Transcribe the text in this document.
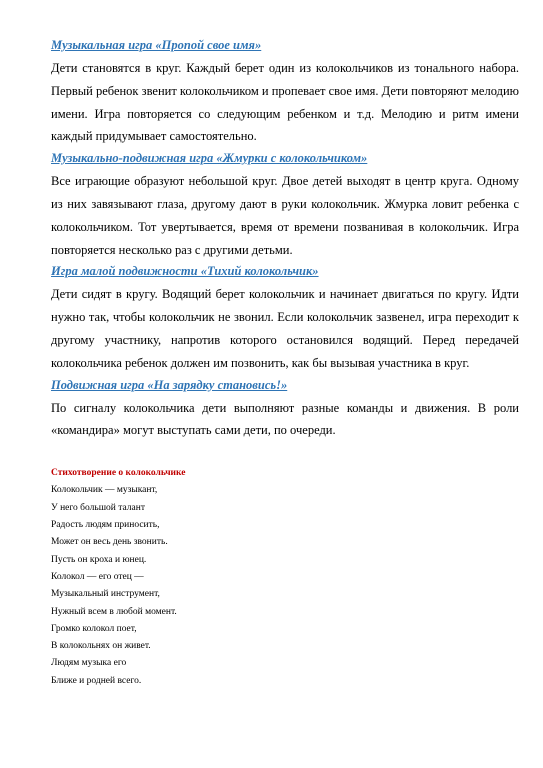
Музыкальная игра «Пропой свое имя»

Дети становятся в круг. Каждый берет один из колокольчиков из тонального набора. Первый ребенок звенит колокольчиком и пропевает свое имя. Дети повторяют мелодию имени. Игра повторяется со следующим ребенком и т.д. Мелодию и ритм имени каждый придумывает самостоятельно.

Музыкально-подвижная игра «Жмурки с колокольчиком»

Все играющие образуют небольшой круг. Двое детей выходят в центр круга. Одному из них завязывают глаза, другому дают в руки колокольчик. Жмурка ловит ребенка с колокольчиком. Тот увертывается, время от времени позванивая в колокольчик. Игра повторяется несколько раз с другими детьми.

Игра малой подвижности «Тихий колокольчик»

Дети сидят в кругу. Водящий берет колокольчик и начинает двигаться по кругу. Идти нужно так, чтобы колокольчик не звонил. Если колокольчик зазвенел, игра переходит к другому участнику, напротив которого остановился водящий. Перед передачей колокольчика ребенок должен им позвонить, как бы вызывая участника в круг.

Подвижная игра «На зарядку становись!»

По сигналу колокольчика дети выполняют разные команды и движения. В роли «командира» могут выступать сами дети, по очереди.

Стихотворение о колокольчике

Колокольчик — музыкант,

У него большой талант

Радость людям приносить,

Может он весь день звонить.

Пусть он кроха и юнец.

Колокол — его отец —

Музыкальный инструмент,

Нужный всем в любой момент.

Громко колокол поет,

В колокольнях он живет.

Людям музыка его

Ближе и родней всего.
